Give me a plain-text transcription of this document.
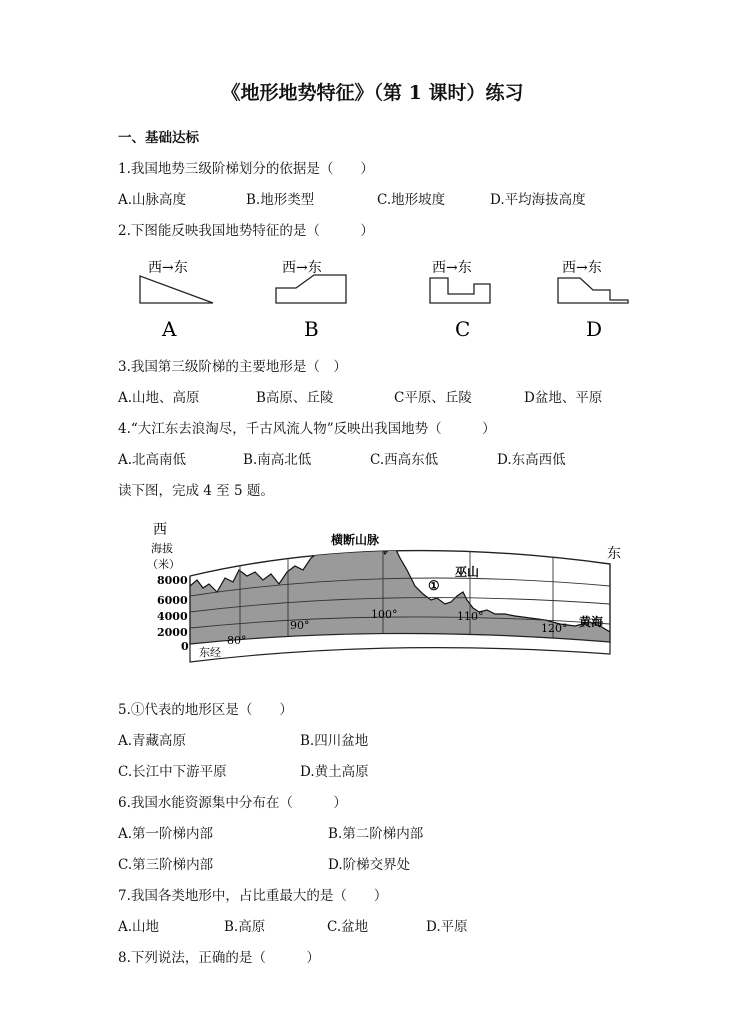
《地形地势特征》（第 1 课时）练习
一、基础达标
1.我国地势三级阶梯划分的依据是（　　）
A.山脉高度	B.地形类型	C.地形坡度	D.平均海拔高度
2.下图能反映我国地势特征的是（　　　）
西→东	西→东	西→东	西→东
A	B	C	D
3.我国第三级阶梯的主要地形是（　）
A.山地、高原	B高原、丘陵	C平原、丘陵	D盆地、平原
4.“大江东去浪淘尽，千古风流人物”反映出我国地势（　　　）
A.北高南低	B.南高北低	C.西高东低	D.东高西低
读下图，完成 4 至 5 题。
西
海拔
（米）
8000
6000
4000
2000
0
东
东经
80°
90°
100°	110°
120°
横断山脉
巫山
①
黄海
5.①代表的地形区是（　　）
A.青藏高原	B.四川盆地
C.长江中下游平原	D.黄土高原
6.我国水能资源集中分布在（　　　）
A.第一阶梯内部	B.第二阶梯内部
C.第三阶梯内部	D.阶梯交界处
7.我国各类地形中，占比重最大的是（　　）
A.山地	B.高原	C.盆地	D.平原
8.下列说法，正确的是（　　　）
